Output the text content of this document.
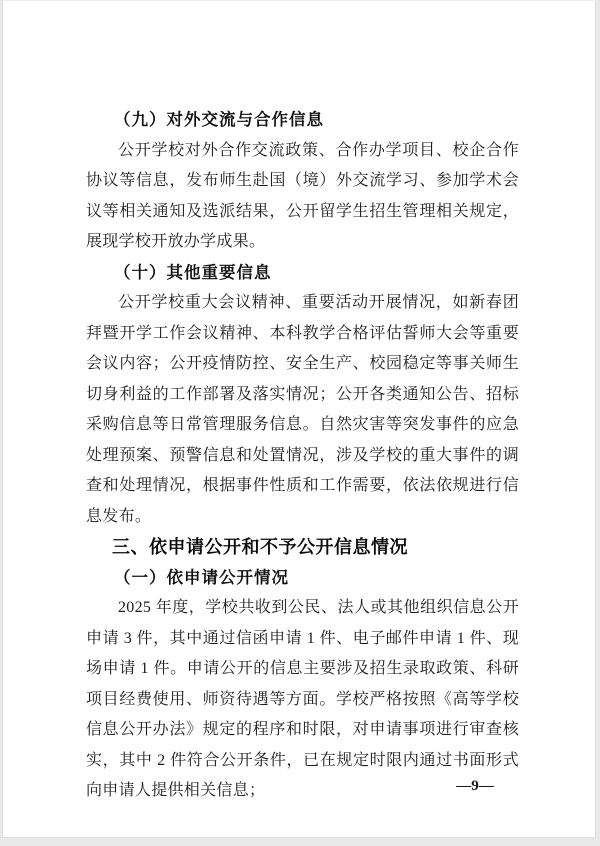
（九）对外交流与合作信息

公开学校对外合作交流政策、合作办学项目、校企合作协议等信息，发布师生赴国（境）外交流学习、参加学术会议等相关通知及选派结果，公开留学生招生管理相关规定，展现学校开放办学成果。

（十）其他重要信息

公开学校重大会议精神、重要活动开展情况，如新春团拜暨开学工作会议精神、本科教学合格评估誓师大会等重要会议内容；公开疫情防控、安全生产、校园稳定等事关师生切身利益的工作部署及落实情况；公开各类通知公告、招标采购信息等日常管理服务信息。自然灾害等突发事件的应急处理预案、预警信息和处置情况，涉及学校的重大事件的调查和处理情况，根据事件性质和工作需要，依法依规进行信息发布。

三、依申请公开和不予公开信息情况
（一）依申请公开情况

2025 年度，学校共收到公民、法人或其他组织信息公开申请 3 件，其中通过信函申请 1 件、电子邮件申请 1 件、现场申请 1 件。申请公开的信息主要涉及招生录取政策、科研项目经费使用、师资待遇等方面。学校严格按照《高等学校信息公开办法》规定的程序和时限，对申请事项进行审查核实，其中 2 件符合公开条件，已在规定时限内通过书面形式向申请人提供相关信息；	—9—
